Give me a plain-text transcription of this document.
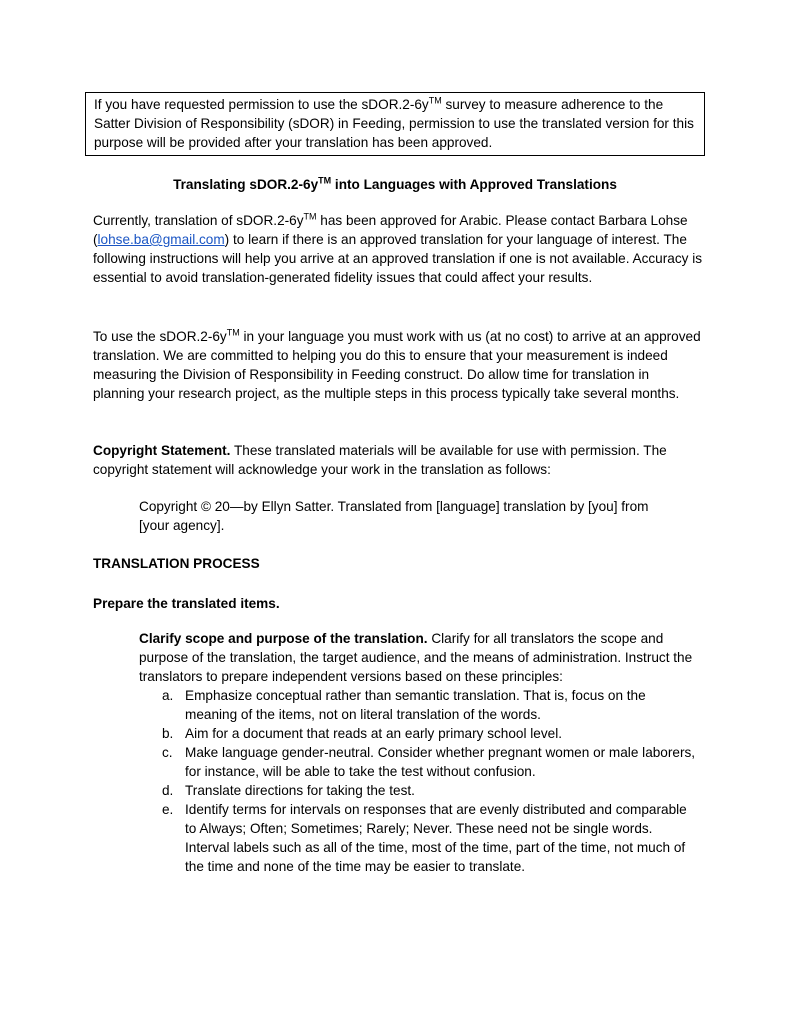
If you have requested permission to use the sDOR.2-6y™ survey to measure adherence to the Satter Division of Responsibility (sDOR) in Feeding, permission to use the translated version for this purpose will be provided after your translation has been approved.

Translating sDOR.2-6y™ into Languages with Approved Translations

Currently, translation of sDOR.2-6y™ has been approved for Arabic. Please contact Barbara Lohse (lohse.ba@gmail.com) to learn if there is an approved translation for your language of interest. The following instructions will help you arrive at an approved translation if one is not available. Accuracy is essential to avoid translation-generated fidelity issues that could affect your results.

To use the sDOR.2-6y™ in your language you must work with us (at no cost) to arrive at an approved translation. We are committed to helping you do this to ensure that your measurement is indeed measuring the Division of Responsibility in Feeding construct. Do allow time for translation in planning your research project, as the multiple steps in this process typically take several months.

Copyright Statement. These translated materials will be available for use with permission. The copyright statement will acknowledge your work in the translation as follows:

Copyright © 20—by Ellyn Satter. Translated from [language] translation by [you] from [your agency].

TRANSLATION PROCESS

Prepare the translated items.

Clarify scope and purpose of the translation. Clarify for all translators the scope and purpose of the translation, the target audience, and the means of administration. Instruct the translators to prepare independent versions based on these principles:

a. Emphasize conceptual rather than semantic translation. That is, focus on the meaning of the items, not on literal translation of the words.
b. Aim for a document that reads at an early primary school level.
c. Make language gender-neutral. Consider whether pregnant women or male laborers, for instance, will be able to take the test without confusion.
d. Translate directions for taking the test.
e. Identify terms for intervals on responses that are evenly distributed and comparable to Always; Often; Sometimes; Rarely; Never. These need not be single words. Interval labels such as all of the time, most of the time, part of the time, not much of the time and none of the time may be easier to translate.
